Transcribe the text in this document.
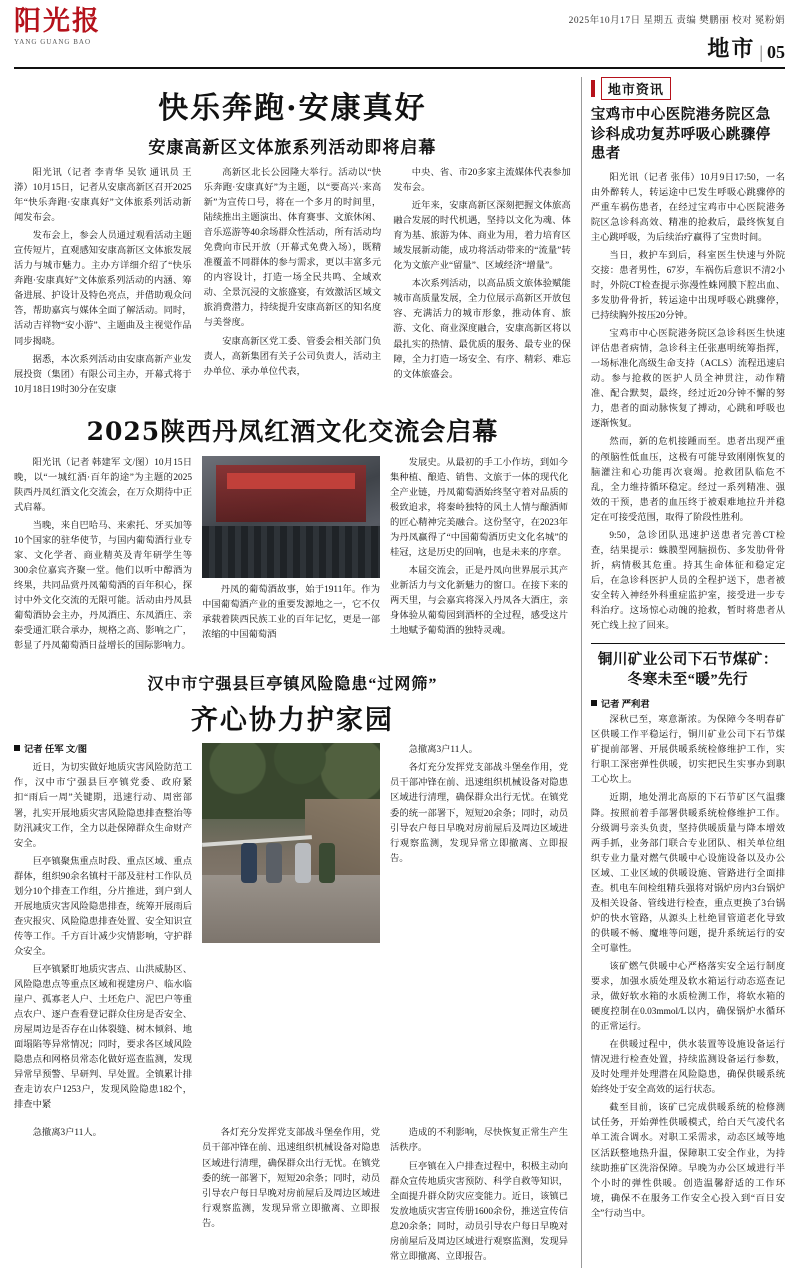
阳光报
YANG GUANG BAO
2025年10月17日 星期五 责编 樊鹏丽 校对 冕粉娟
地市 | 05
快乐奔跑·安康真好
安康高新区文体旅系列活动即将启幕

阳光讯（记者 李青华 吴钦 通讯员 王漭）10月15日，记者从安康高新区召开2025年“快乐奔跑·安康真好”文体旅系列活动新闻发布会。

发布会上，参会人员通过观看活动主题宣传短片，直观感知安康高新区文体旅发展活力与城市魅力。主办方详细介绍了“快乐奔跑·安康真好”文体旅系列活动的内涵、筹备进展、护设计及特色亮点，并借助观众问答，帮助嘉宾与媒体全面了解活动。同时，活动吉祥物“安小游”、主题曲及主视觉作品同步揭晓。

据悉，本次系列活动由安康高新产业发展投资（集团）有限公司主办，开幕式将于10月18日19时30分在安康

高新区北长公园隆大举行。活动以“快乐奔跑·安康真好”为主题，以“要高兴·来高新”为宣传口号，将在一个多月的时间里，陆续推出主题演出、体育赛事、文旅休闲、音乐巡游等40余场群众性活动，所有活动均免费向市民开放（开幕式免费入场），既精准覆盖不同群体的参与需求，更以丰富多元的内容设计，打造一场全民共鸣、全域欢动、全景沉浸的文旅盛宴，有效激活区域文旅消费潜力，持续提升安康高新区的知名度与美誉度。

安康高新区党工委、管委会相关部门负责人，高新集团有关子公司负责人，活动主办单位、承办单位代表，

中央、省、市20多家主流媒体代表参加发布会。

近年来，安康高新区深刻把握文体旅高融合发展的时代机遇，坚持以文化为魂、体育为基、旅游为体、商业为用，着力培育区域发展新动能，成功将活动带来的“流量”转化为文旅产业“留量”、区域经济“增量”。

本次系列活动，以高品质文旅体验赋能城市高质量发展，全力位展示高新区开放包容、充满活力的城市形象，推动体育、旅游、文化、商业深度融合，安康高新区将以最扎实的热情、最优质的服务、最专业的保障，全力打造一场安全、有序、精彩、难忘的文体旅盛会。

2025陕西丹凤红酒文化交流会启幕

阳光讯（记者 韩建军 文/图）10月15日晚，以“一城红酒·百年韵途”为主题的2025陕西丹凤红酒文化交流会，在万众期待中正式启幕。

当晚，来自巴哈马、来索托、牙买加等10个国家的驻华使节，与国内葡萄酒行业专家、文化学者、商业精英及青年研学生等300余位嘉宾齐聚一堂。他们以听中醇酒为终果，共同品赏丹凤葡萄酒的百年积心，探讨中外文化交流的无限可能。活动由丹凤县葡萄酒协会主办，丹凤酒庄、东凤酒庄、亲泰受通汇联合承办，规格之高、影响之广，彰显了丹凤葡萄酒日益增长的国际影响力。

丹凤的葡萄酒故事，始于1911年。作为中国葡萄酒产业的重要发源地之一，它不仅承载着陕西民族工业的百年记忆，更是一部浓缩的中国葡萄酒

发展史。从最初的手工小作坊，到如今集种植、酿造、销售、文旅于一体的现代化全产业链，丹凤葡萄酒始终坚守着对品质的极致追求，将秦岭独特的风土人情与酿酒师的匠心精神完美融合。这份坚守，在2023年为丹凤赢得了“中国葡萄酒历史文化名城”的桂冠，这是历史的回响，也是未来的序章。

本届交流会，正是丹凤向世界展示其产业新活力与文化新魅力的窗口。在接下来的两天里，与会嘉宾将深入丹凤各大酒庄，亲身体验从葡萄园到酒杯的全过程，感受这片土地赋予葡萄酒的独特灵魂。

汉中市宁强县巨亭镇风险隐患“过网筛”
齐心协力护家园
记者 任军 文/图

近日，为切实做好地质灾害风险防范工作，汉中市宁强县巨亭镇党委、政府紧扣“雨后一周”关键期，迅速行动、周密部署，扎实开展地质灾害风险隐患排查整治等防汛减灾工作，全力以赴保障群众生命财产安全。

巨亭镇聚焦重点时段、重点区域、重点群体，组织90余名镇村干部及驻村工作队员划分10个排查工作组，分片推进，到户到人开展地质灾害风险隐患排查，统筹开展雨后查灾报灾、风险隐患排查处置、安全知识宣传等工作。千方百计减少灾情影响，守护群众安全。

巨亭镇紧盯地质灾害点、山洪威胁区、风险隐患点等重点区域和视建房户、临水临崖户、孤寡老人户、土坯危户、泥巴户等重点农户、逐户查看登记群众住房是否安全、房屋周边是否存在山体裂缝、树木倾斜、地面塌陷等异常情况；同时，要求各区域风险隐患点和网格员常态化做好巡查监测，发现异常早预警、早研判、早处置。全镇累计排查走访农户1253户，发现风险隐患182个，排查中紧

急撤离3户11人。

各灯充分发挥党支部战斗堡垒作用，党员干部冲锋在前、迅速组织机械设备对隐患区域进行清理，确保群众出行无忧。在镇党委的统一部署下，短短20余条；同时，动员引导农户每日早晚对房前屋后及周边区域进行观察监测，发现异常立即撤离、立即报告。

急撤离3户11人。	各灯充分发挥党支部战斗堡垒作用，党员干部冲锋在前、迅速组织机械设备对隐患区域进行清理，确保群众出行无忧。在镇党委的统一部署下，短短20余条；同时，动员引导农户每日早晚对房前屋后及周边区域进行观察监测，发现异常立即撤离、立即报告。

造成的不利影响，尽快恢复正常生产生活秩序。

巨亭镇在入户排查过程中，积极主动向群众宣传地质灾害预防、科学自救等知识，全面提升群众防灾应变能力。近日，该镇已发放地质灾害宣传册1600余份，推送宣传信息20余条；同时，动员引导农户每日早晚对房前屋后及周边区域进行观察监测，发现异常立即撤离、立即报告。

地市资讯
宝鸡市中心医院港务院区急诊科成功复苏呼吸心跳骤停患者

阳光讯（记者 张伟）10月9日17:50，一名由外醉转人，转运途中已发生呼吸心跳骤停的严重车祸伤患者，在经过宝鸡市中心医院港务院区急诊科高效、精准的抢救后，最终恢复自主心跳呼吸，为后续治疗赢得了宝贵时间。

当日，救护车到后，科室医生快速与外院交接：患者男性，67岁，车祸伤后意识不清2小时，外院CT检查提示弥漫性蛛网膜下腔出血、多发肋骨骨折，转运途中出现呼吸心跳骤停，已持续胸外按压20分钟。

宝鸡市中心医院港务院区急诊科医生快速评估患者病情，急诊科主任张惠明统筹指挥，一场标准化高级生命支持（ACLS）流程迅速启动。参与抢救的医护人员全神贯注，动作精准、配合默契，最终，经过近20分钟不懈的努力，患者的面动脉恢复了搏动，心跳和呼吸也逐渐恢复。

然而，新的危机接踵而至。患者出现严重的颅脑性低血压，这极有可能导致刚刚恢复的脑灌注和心功能再次衰竭。抢救团队临危不乱，全力维持循环稳定。经过一系列精准、强效的干预，患者的血压终于被艰难地拉升并稳定在可接受范围，取得了阶段性胜利。

9:50，急诊团队迅速护送患者完善CT检查，结果提示：蛛膜型网脑损伤、多发肋骨骨折，病情极其危重。持其生命体征和稳定定后，在急诊科医护人员的全程护送下，患者被安全转入神经外科重症监护室，接受进一步专科治疗。这场惊心动魄的抢救，暂时将患者从死亡线上拉了回来。

铜川矿业公司下石节煤矿：冬寒未至“暖”先行
记者 严利君

深秋已至，寒意渐浓。为保障今冬明春矿区供暖工作平稳运行，铜川矿业公司下石节煤矿提前部署、开展供暖系统检修维护工作，实行职工深密弹性供暖，切实把民生实事办到职工心坎上。

近期，地处渭北高原的下石节矿区气温骤降。按照前着手部署供暖系统检修维护工作。分级调号亲头负责，坚持供暖质量与降本增效两手抓，业务部门联合专业团队、相关单位组织专业力量对燃气供暖中心设施设备以及办公区域、工业区域的供暖设施、管路进行全面排查。机电车间检组精兵强将对锅炉房内3台锅炉及相关设备、管线进行检查，重点更换了3台锅炉的快水管路，从源头上杜绝冒管道老化导致的供暖不畅、魔堆等问题，提升系统运行的安全可靠性。

该矿燃气供暖中心严格落实安全运行制度要求，加强水质处理及软水箱运行动态巡查记录，做好软水箱的水质检测工作，将软水箱的硬度控制在0.03mmol/L以内，确保锅炉水循环的正常运行。

在供暖过程中，供水装置等设施设备运行情况进行检查处置，持续监测设备运行参数，及时处理并处理潜在风险隐患，确保供暖系统始终处于安全高效的运行状态。

截至目前，该矿已完成供暖系统的检修测试任务，开始弹性供暖模式，给白天气凌代名单工流合调水。对职工采需求，动态区域等地区活跃整地热升温，保障职工安全作业，为持续助推矿区洗浴保障。早晚为办公区域进行半个小时的弹性供暖。创造温馨舒适的工作环境，确保不在服务工作安全心投入到“百日安全”行动当中。
